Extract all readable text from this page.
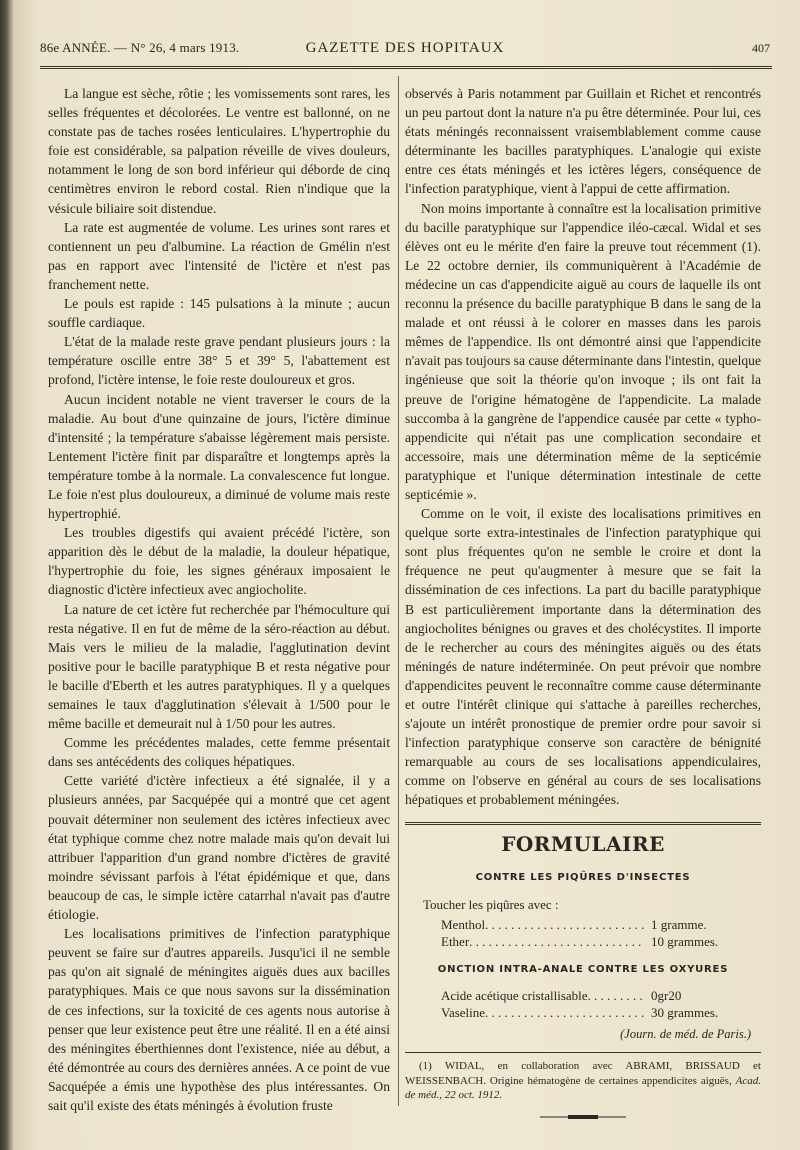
86e ANNÉE. — N° 26, 4 mars 1913.	GAZETTE DES HOPITAUX	407

La langue est sèche, rôtie ; les vomissements sont rares, les selles fréquentes et décolorées. Le ventre est ballonné, on ne constate pas de taches rosées lenticulaires. L'hypertrophie du foie est considérable, sa palpation réveille de vives douleurs, notamment le long de son bord inférieur qui déborde de cinq centimètres environ le rebord costal. Rien n'indique que la vésicule biliaire soit distendue.

La rate est augmentée de volume. Les urines sont rares et contiennent un peu d'albumine. La réaction de Gmélin n'est pas en rapport avec l'intensité de l'ictère et n'est pas franchement nette.

Le pouls est rapide : 145 pulsations à la minute ; aucun souffle cardiaque.

L'état de la malade reste grave pendant plusieurs jours : la température oscille entre 38° 5 et 39° 5, l'abattement est profond, l'ictère intense, le foie reste douloureux et gros.

Aucun incident notable ne vient traverser le cours de la maladie. Au bout d'une quinzaine de jours, l'ictère diminue d'intensité ; la température s'abaisse légèrement mais persiste. Lentement l'ictère finit par disparaître et longtemps après la température tombe à la normale. La convalescence fut longue. Le foie n'est plus douloureux, a diminué de volume mais reste hypertrophié.

Les troubles digestifs qui avaient précédé l'ictère, son apparition dès le début de la maladie, la douleur hépatique, l'hypertrophie du foie, les signes généraux imposaient le diagnostic d'ictère infectieux avec angiocholite.

La nature de cet ictère fut recherchée par l'hémoculture qui resta négative. Il en fut de même de la séro-réaction au début. Mais vers le milieu de la maladie, l'agglutination devint positive pour le bacille paratyphique B et resta négative pour le bacille d'Eberth et les autres paratyphiques. Il y a quelques semaines le taux d'agglutination s'élevait à 1/500 pour le même bacille et demeurait nul à 1/50 pour les autres.

Comme les précédentes malades, cette femme présentait dans ses antécédents des coliques hépatiques.

Cette variété d'ictère infectieux a été signalée, il y a plusieurs années, par Sacquépée qui a montré que cet agent pouvait déterminer non seulement des ictères infectieux avec état typhique comme chez notre malade mais qu'on devait lui attribuer l'apparition d'un grand nombre d'ictères de gravité moindre sévissant parfois à l'état épidémique et que, dans beaucoup de cas, le simple ictère catarrhal n'avait pas d'autre étiologie.

Les localisations primitives de l'infection paratyphique peuvent se faire sur d'autres appareils. Jusqu'ici il ne semble pas qu'on ait signalé de méningites aiguës dues aux bacilles paratyphiques. Mais ce que nous savons sur la dissémination de ces infections, sur la toxicité de ces agents nous autorise à penser que leur existence peut être une réalité. Il en a été ainsi des méningites éberthiennes dont l'existence, niée au début, a été démontrée au cours des dernières années. A ce point de vue Sacquépée a émis une hypothèse des plus intéressantes. On sait qu'il existe des états méningés à évolution fruste

observés à Paris notamment par Guillain et Richet et rencontrés un peu partout dont la nature n'a pu être déterminée. Pour lui, ces états méningés reconnaissent vraisemblablement comme cause déterminante les bacilles paratyphiques. L'analogie qui existe entre ces états méningés et les ictères légers, conséquence de l'infection paratyphique, vient à l'appui de cette affirmation.

Non moins importante à connaître est la localisation primitive du bacille paratyphique sur l'appendice iléo-cæcal. Widal et ses élèves ont eu le mérite d'en faire la preuve tout récemment (1). Le 22 octobre dernier, ils communiquèrent à l'Académie de médecine un cas d'appendicite aiguë au cours de laquelle ils ont reconnu la présence du bacille paratyphique B dans le sang de la malade et ont réussi à le colorer en masses dans les parois mêmes de l'appendice. Ils ont démontré ainsi que l'appendicite n'avait pas toujours sa cause déterminante dans l'intestin, quelque ingénieuse que soit la théorie qu'on invoque ; ils ont fait la preuve de l'origine hématogène de l'appendicite. La malade succomba à la gangrène de l'appendice causée par cette « typho-appendicite qui n'était pas une complication secondaire et accessoire, mais une détermination même de la septicémie paratyphique et l'unique détermination intestinale de cette septicémie ».

Comme on le voit, il existe des localisations primitives en quelque sorte extra-intestinales de l'infection paratyphique qui sont plus fréquentes qu'on ne semble le croire et dont la fréquence ne peut qu'augmenter à mesure que se fait la dissémination de ces infections. La part du bacille paratyphique B est particulièrement importante dans la détermination des angiocholites bénignes ou graves et des cholécystites. Il importe de le rechercher au cours des méningites aiguës ou des états méningés de nature indéterminée. On peut prévoir que nombre d'appendicites peuvent le reconnaître comme cause déterminante et outre l'intérêt clinique qui s'attache à pareilles recherches, s'ajoute un intérêt pronostique de premier ordre pour savoir si l'infection paratyphique conserve son caractère de bénignité remarquable au cours de ses localisations appendiculaires, comme on l'observe en général au cours de ses localisations hépatiques et probablement méningées.

FORMULAIRE
CONTRE LES PIQÛRES D'INSECTES
Toucher les piqûres avec :
Menthol . . .	1 gramme.
Ether . . .	10 grammes.
ONCTION INTRA-ANALE CONTRE LES OXYURES
Acide acétique cristallisable . . .	0gr20
Vaseline . . .	30 grammes.
(Journ. de méd. de Paris.)
(1) WIDAL, en collaboration avec ABRAMI, BRISSAUD et WEISSENBACH. Origine hématogène de certaines appendicites aiguës, Acad. de méd., 22 oct. 1912.
